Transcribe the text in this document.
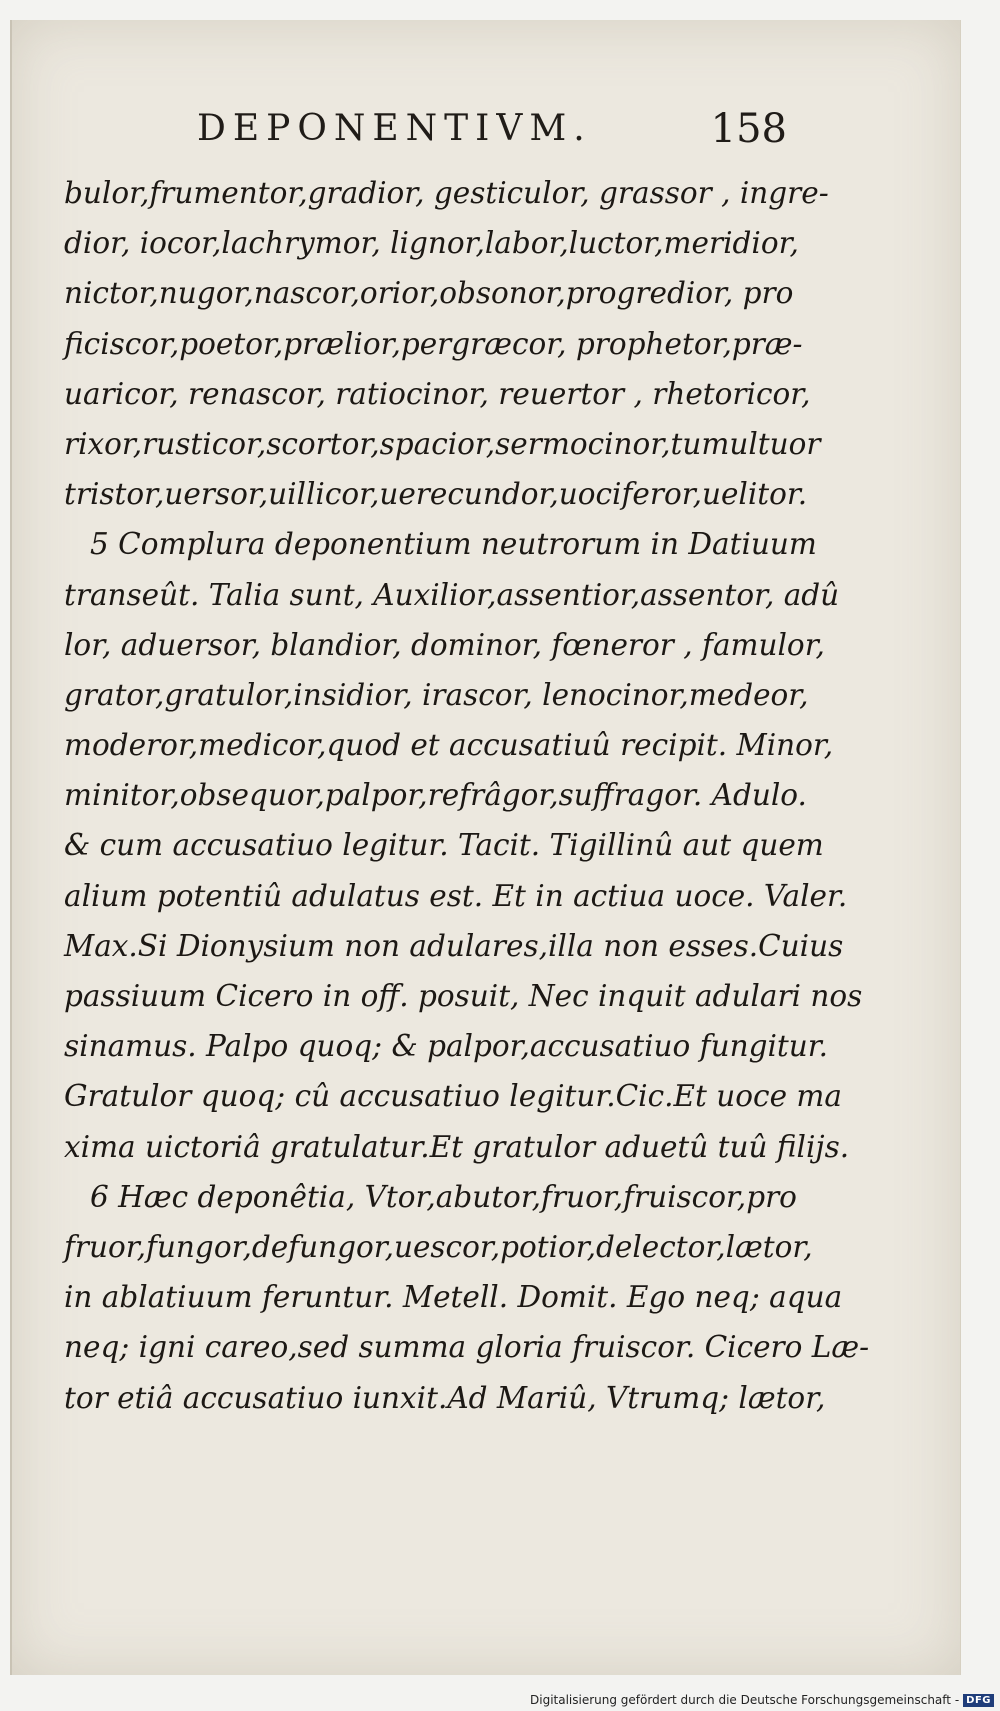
DEPONENTIVM.	158
bulor,frumentor,gradior, gesticulor, grassor , ingre-
dior, iocor,lachrymor, lignor,labor,luctor,meridior,
nictor,nugor,nascor,orior,obsonor,progredior, pro
ficiscor,poetor,prælior,pergræcor, prophetor,præ-
uaricor, renascor, ratiocinor, reuertor , rhetoricor,
rixor,rusticor,scortor,spacior,sermocinor,tumultuor
tristor,uersor,uillicor,uerecundor,uociferor,uelitor.
5 Complura deponentium neutrorum in Datiuum
transeût. Talia sunt, Auxilior,assentior,assentor, adû
lor, aduersor, blandior, dominor, fœneror , famulor,
grator,gratulor,insidior, irascor, lenocinor,medeor,
moderor,medicor,quod et accusatiuû recipit. Minor,
minitor,obsequor,palpor,refrâgor,suffragor. Adulo.
& cum accusatiuo legitur. Tacit. Tigillinû aut quem
alium potentiû adulatus est. Et in actiua uoce. Valer.
Max.Si Dionysium non adulares,illa non esses.Cuius
passiuum Cicero in off. posuit, Nec inquit adulari nos
sinamus. Palpo quoq; & palpor,accusatiuo fungitur.
Gratulor quoq; cû accusatiuo legitur.Cic.Et uoce ma
xima uictoriâ gratulatur.Et gratulor aduetû tuû filijs.
6 Hæc deponêtia, Vtor,abutor,fruor,fruiscor,pro
fruor,fungor,defungor,uescor,potior,delector,lætor,
in ablatiuum feruntur. Metell. Domit. Ego neq; aqua
neq; igni careo,sed summa gloria fruiscor. Cicero Læ-
tor etiâ accusatiuo iunxit.Ad Mariû, Vtrumq; lætor,
Digitalisierung gefördert durch die Deutsche Forschungsgemeinschaft - DFG
